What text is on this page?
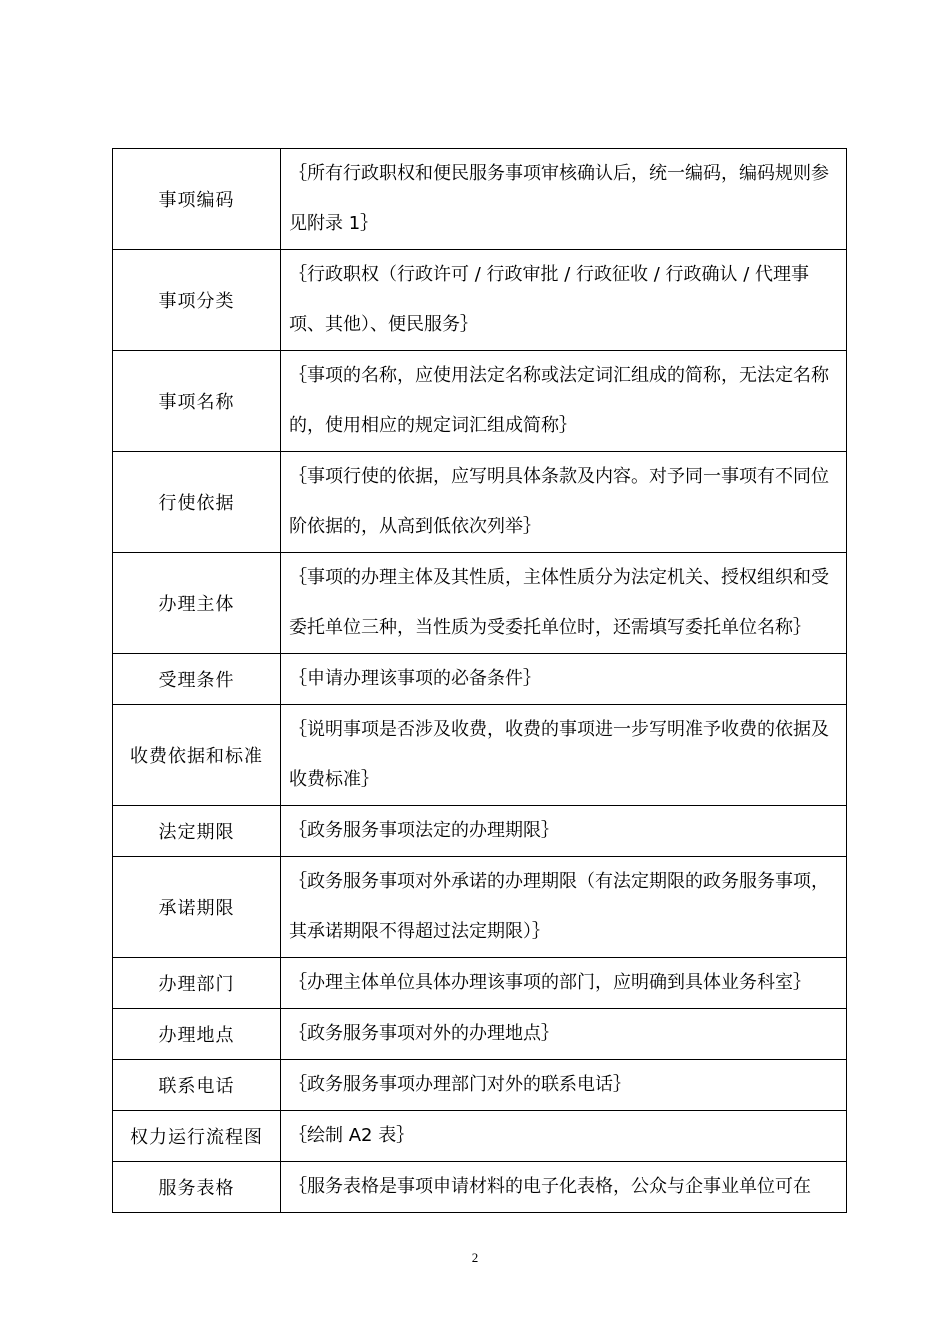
事项编码	｛所有行政职权和便民服务事项审核确认后，统一编码，编码规则参见附录 1｝
事项分类	｛行政职权（行政许可 / 行政审批 / 行政征收 / 行政确认 / 代理事项、其他）、便民服务｝
事项名称	｛事项的名称，应使用法定名称或法定词汇组成的简称，无法定名称的，使用相应的规定词汇组成简称｝
行使依据	｛事项行使的依据，应写明具体条款及内容。对予同一事项有不同位阶依据的，从高到低依次列举｝
办理主体	｛事项的办理主体及其性质，主体性质分为法定机关、授权组织和受委托单位三种，当性质为受委托单位时，还需填写委托单位名称｝
受理条件	｛申请办理该事项的必备条件｝
收费依据和标准	｛说明事项是否涉及收费，收费的事项进一步写明准予收费的依据及收费标准｝
法定期限	｛政务服务事项法定的办理期限｝
承诺期限	｛政务服务事项对外承诺的办理期限（有法定期限的政务服务事项，其承诺期限不得超过法定期限）｝
办理部门	｛办理主体单位具体办理该事项的部门，应明确到具体业务科室｝
办理地点	｛政务服务事项对外的办理地点｝
联系电话	｛政务服务事项办理部门对外的联系电话｝
权力运行流程图	｛绘制 A2 表｝
服务表格	｛服务表格是事项申请材料的电子化表格，公众与企事业单位可在
2
